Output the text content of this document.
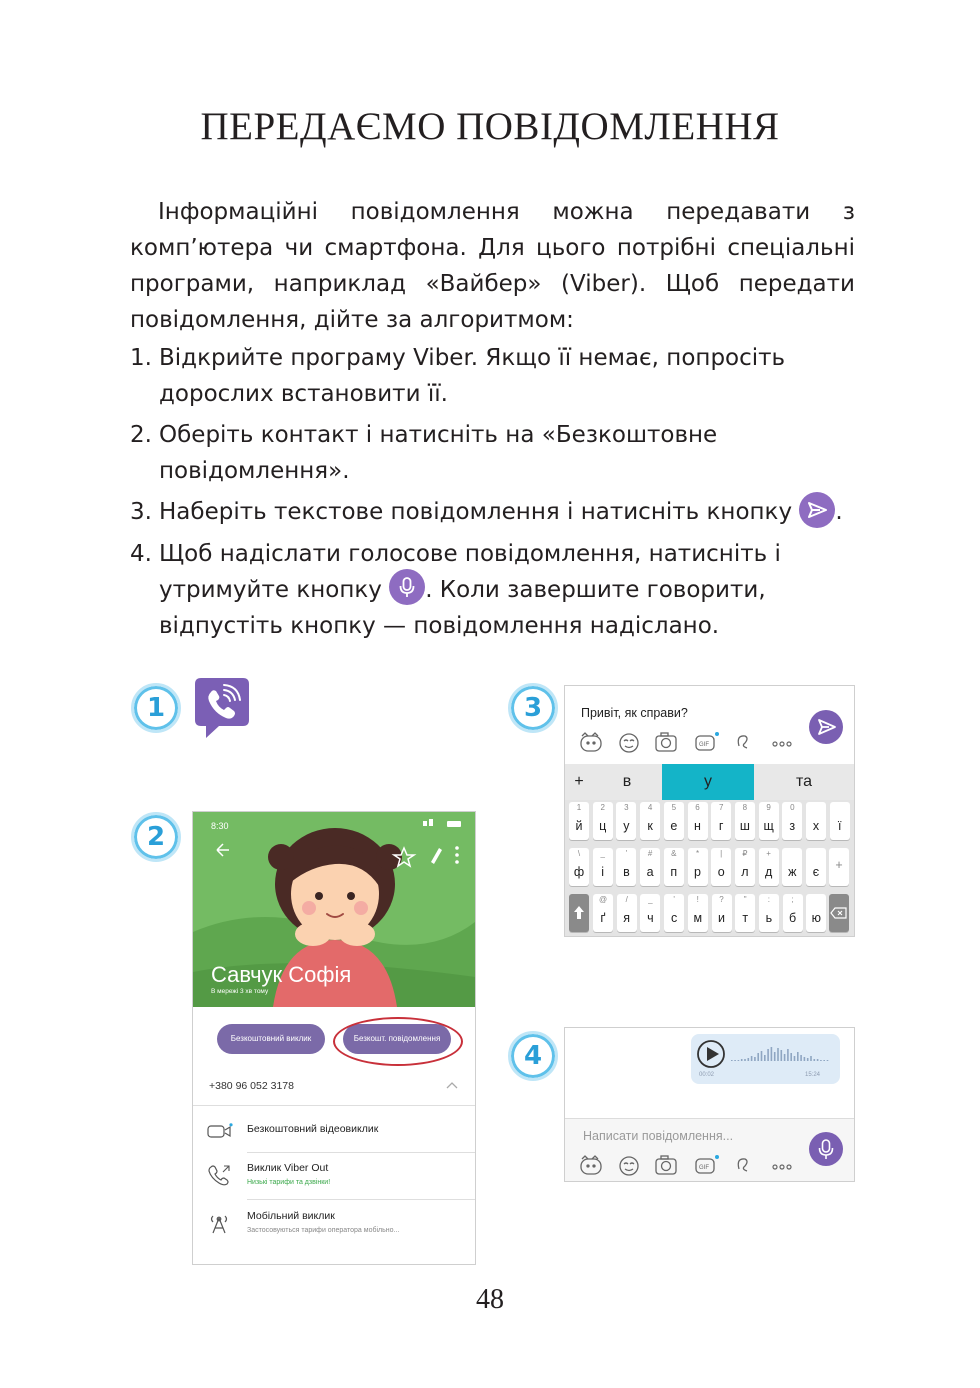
ПЕРЕДАЄМО ПОВІДОМЛЕННЯ
Інформаційні повідомлення можна передавати з комп’ютера чи смартфона. Для цього потрібні спеціальні програми, наприклад «Вайбер» (Viber). Щоб передати повідомлення, дійте за алгоритмом:
1. Відкрийте програму Viber. Якщо її немає, попросіть дорослих встановити її.
2. Оберіть контакт і натисніть на «Безкоштовне повідомлення».
3. Наберіть текстове повідомлення і натисніть кнопку .
4. Щоб надіслати голосове повідомлення, натисніть і утримуйте кнопку . Коли завершите говорити, відпустіть кнопку — повідомлення надіслано.
1
2
3
4
8:30
Савчук Софія
В мережі 3 хв тому
Безкоштовний виклик	Безкошт. повідомлення
+380 96 052 3178
Безкоштовний відеовиклик
Виклик Viber Out
Низькі тарифи та дзвінки!
Мобільний виклик
Застосовуються тарифи оператора мобільно...
Привіт, як справи?
GIF
+	в	у	та
1
й
2
ц
3
у
4
к
5
е
6
н
7
г
8
ш
9
щ
0
з	х	ї
\
ф
_
і
'
в
#
а
&
п
*
р
|
о
₽
л
+
д	ж	є
@
ґ
/
я
_
ч
'
с
!
м
?
и
"
т
:
ь
;
б	ю
+
00:02	15:24
Написати повідомлення...
GIF
48
